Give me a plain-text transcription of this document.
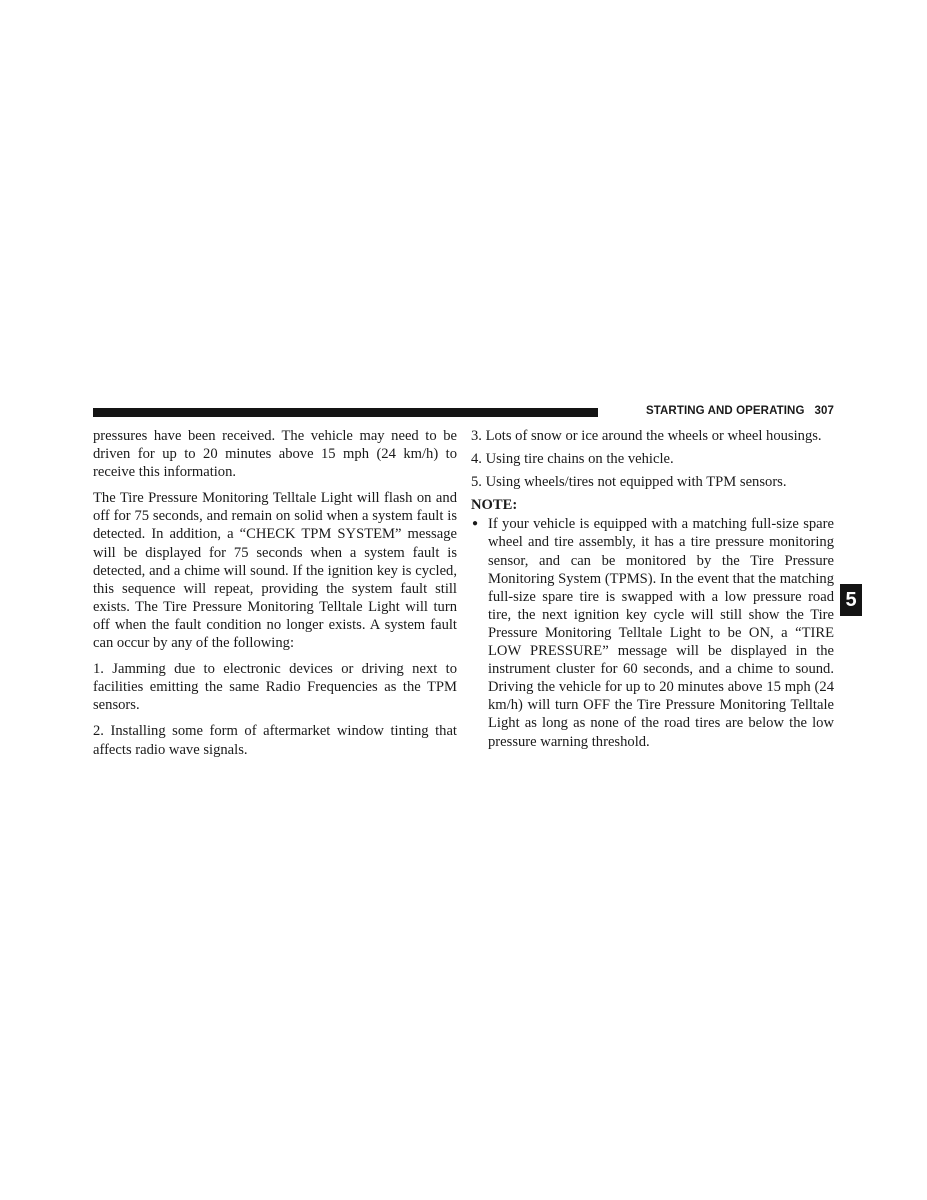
STARTING AND OPERATING 307

pressures have been received. The vehicle may need to be driven for up to 20 minutes above 15 mph (24 km/h) to receive this information.

The Tire Pressure Monitoring Telltale Light will flash on and off for 75 seconds, and remain on solid when a system fault is detected. In addition, a “CHECK TPM SYSTEM” message will be displayed for 75 seconds when a system fault is detected, and a chime will sound. If the ignition key is cycled, this sequence will repeat, providing the system fault still exists. The Tire Pressure Monitoring Telltale Light will turn off when the fault condition no longer exists. A system fault can occur by any of the following:

1. Jamming due to electronic devices or driving next to facilities emitting the same Radio Frequencies as the TPM sensors.

2. Installing some form of aftermarket window tinting that affects radio wave signals.

3. Lots of snow or ice around the wheels or wheel housings.

4. Using tire chains on the vehicle.

5. Using wheels/tires not equipped with TPM sensors.

NOTE:
● If your vehicle is equipped with a matching full-size spare wheel and tire assembly, it has a tire pressure monitoring sensor, and can be monitored by the Tire Pressure Monitoring System (TPMS). In the event that the matching full-size spare tire is swapped with a low pressure road tire, the next ignition key cycle will still show the Tire Pressure Monitoring Telltale Light to be ON, a “TIRE LOW PRESSURE” message will be displayed in the instrument cluster for 60 seconds, and a chime to sound. Driving the vehicle for up to 20 minutes above 15 mph (24 km/h) will turn OFF the Tire Pressure Monitoring Telltale Light as long as none of the road tires are below the low pressure warning threshold.
5
